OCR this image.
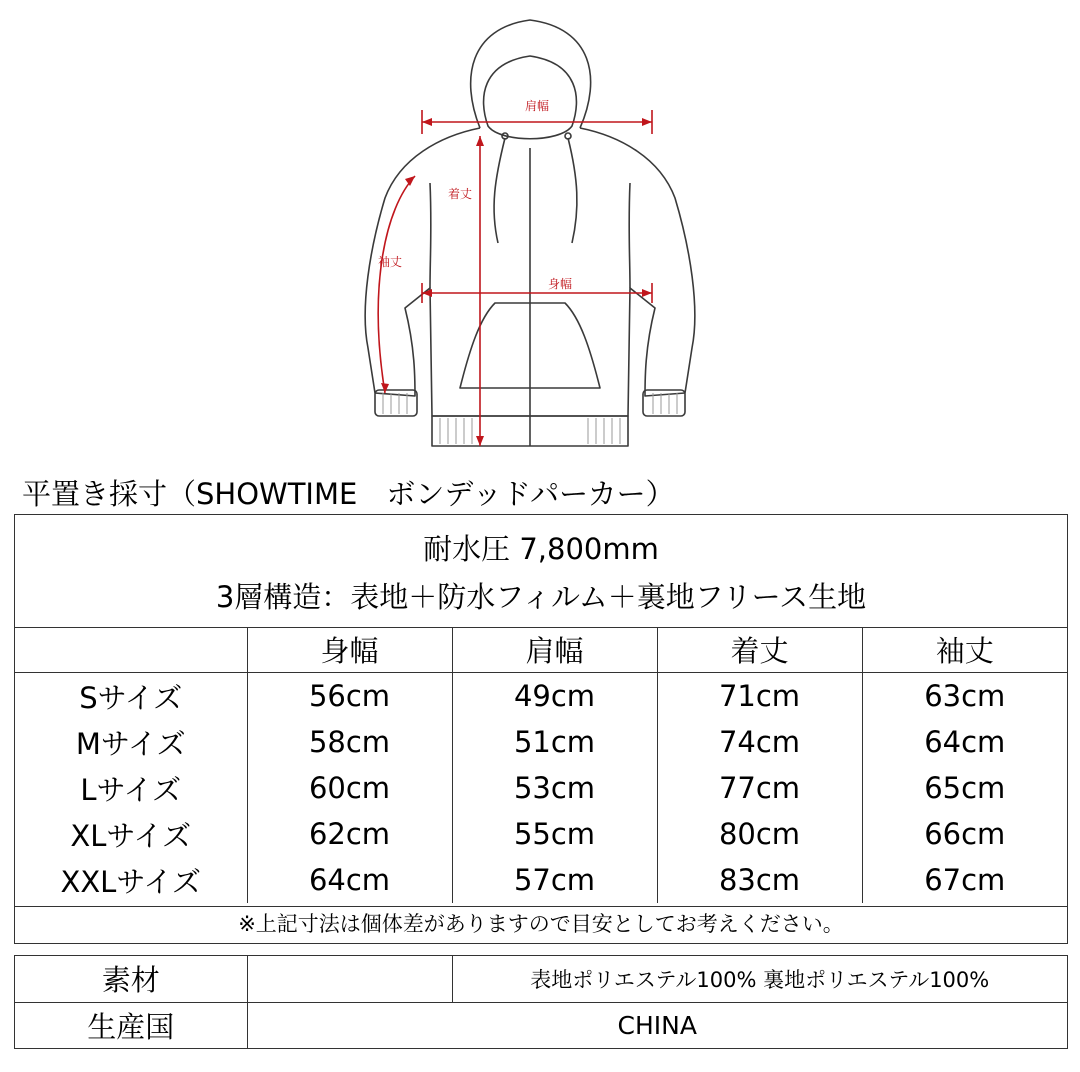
肩幅
着丈
袖丈
身幅
平置き採寸（SHOWTIME　ボンデッドパーカー）
耐水圧 7,800mm
3層構造：表地＋防水フィルム＋裏地フリース生地
	身幅	肩幅	着丈	袖丈
Sサイズ	56cm	49cm	71cm	63cm
Mサイズ	58cm	51cm	74cm	64cm
Lサイズ	60cm	53cm	77cm	65cm
XLサイズ	62cm	55cm	80cm	66cm
XXLサイズ	64cm	57cm	83cm	67cm
※上記寸法は個体差がありますので目安としてお考えください。
素材		表地ポリエステル100% 裏地ポリエステル100%
生産国	CHINA	
